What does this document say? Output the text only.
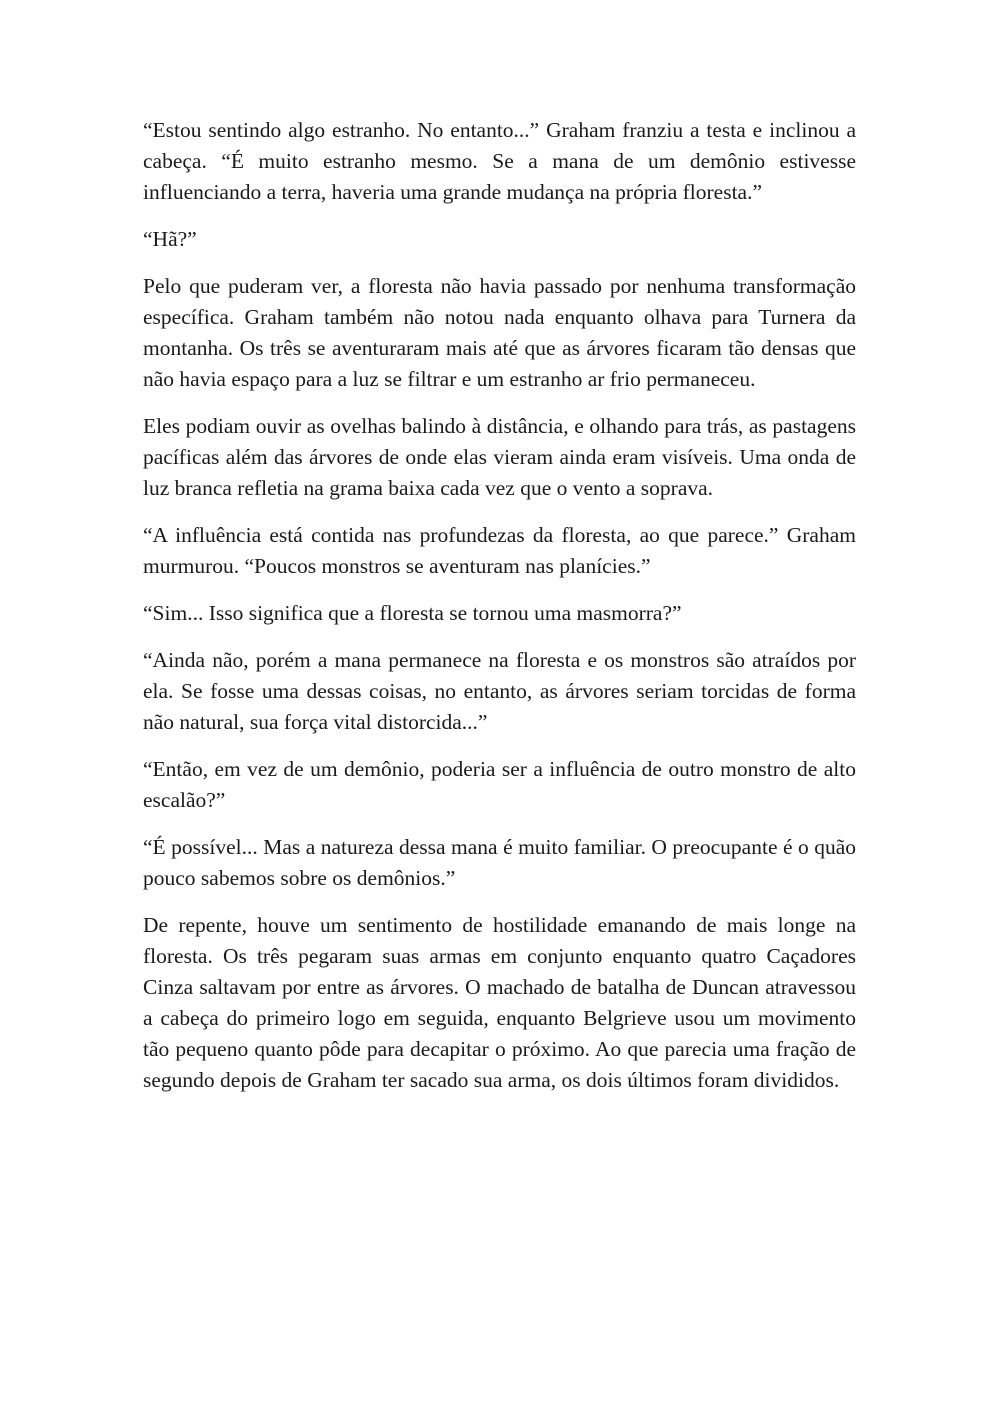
“Estou sentindo algo estranho. No entanto...” Graham franziu a testa e inclinou a cabeça. “É muito estranho mesmo. Se a mana de um demônio estivesse influenciando a terra, haveria uma grande mudança na própria floresta.”

“Hã?”

Pelo que puderam ver, a floresta não havia passado por nenhuma transformação específica. Graham também não notou nada enquanto olhava para Turnera da montanha. Os três se aventuraram mais até que as árvores ficaram tão densas que não havia espaço para a luz se filtrar e um estranho ar frio permaneceu.

Eles podiam ouvir as ovelhas balindo à distância, e olhando para trás, as pastagens pacíficas além das árvores de onde elas vieram ainda eram visíveis. Uma onda de luz branca refletia na grama baixa cada vez que o vento a soprava.

“A influência está contida nas profundezas da floresta, ao que parece.” Graham murmurou. “Poucos monstros se aventuram nas planícies.”

“Sim... Isso significa que a floresta se tornou uma masmorra?”

“Ainda não, porém a mana permanece na floresta e os monstros são atraídos por ela. Se fosse uma dessas coisas, no entanto, as árvores seriam torcidas de forma não natural, sua força vital distorcida...”

“Então, em vez de um demônio, poderia ser a influência de outro monstro de alto escalão?”

“É possível... Mas a natureza dessa mana é muito familiar. O preocupante é o quão pouco sabemos sobre os demônios.”

De repente, houve um sentimento de hostilidade emanando de mais longe na floresta. Os três pegaram suas armas em conjunto enquanto quatro Caçadores Cinza saltavam por entre as árvores. O machado de batalha de Duncan atravessou a cabeça do primeiro logo em seguida, enquanto Belgrieve usou um movimento tão pequeno quanto pôde para decapitar o próximo. Ao que parecia uma fração de segundo depois de Graham ter sacado sua arma, os dois últimos foram divididos.
